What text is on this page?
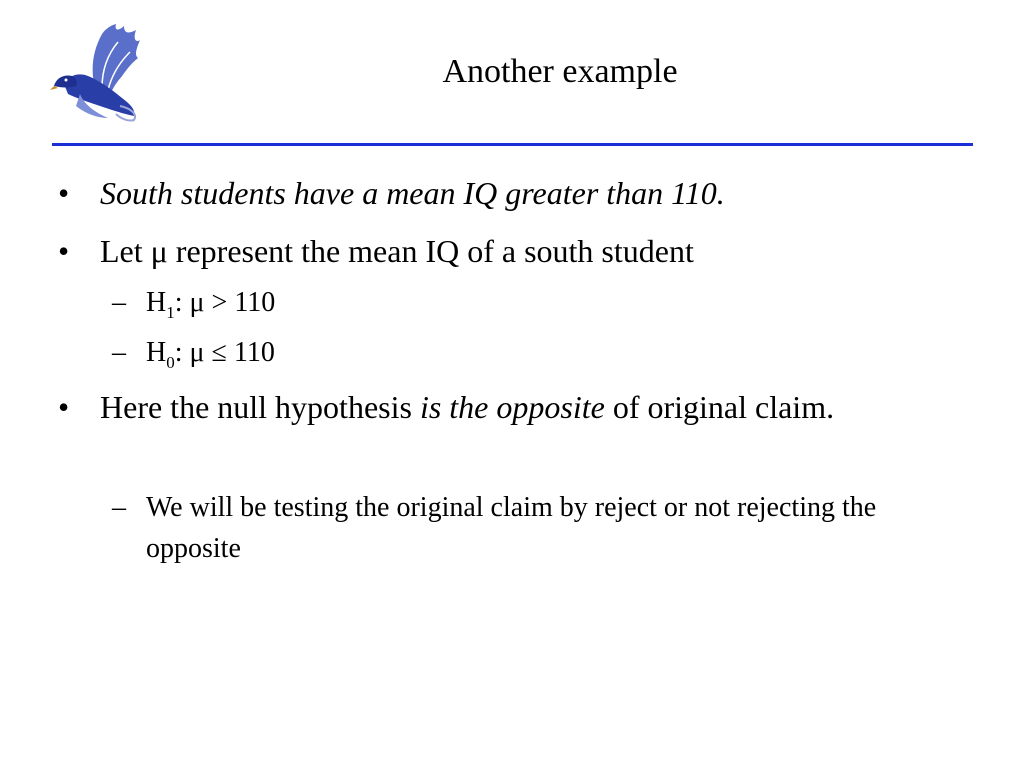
Another example
• South students have a mean IQ greater than 110.
• Let μ represent the mean IQ of a south student
– $H_1$: μ > 110
– $H_0$: μ ≤ 110
• Here the null hypothesis is the opposite of original claim.
– We will be testing the original claim by reject or not rejecting the opposite
